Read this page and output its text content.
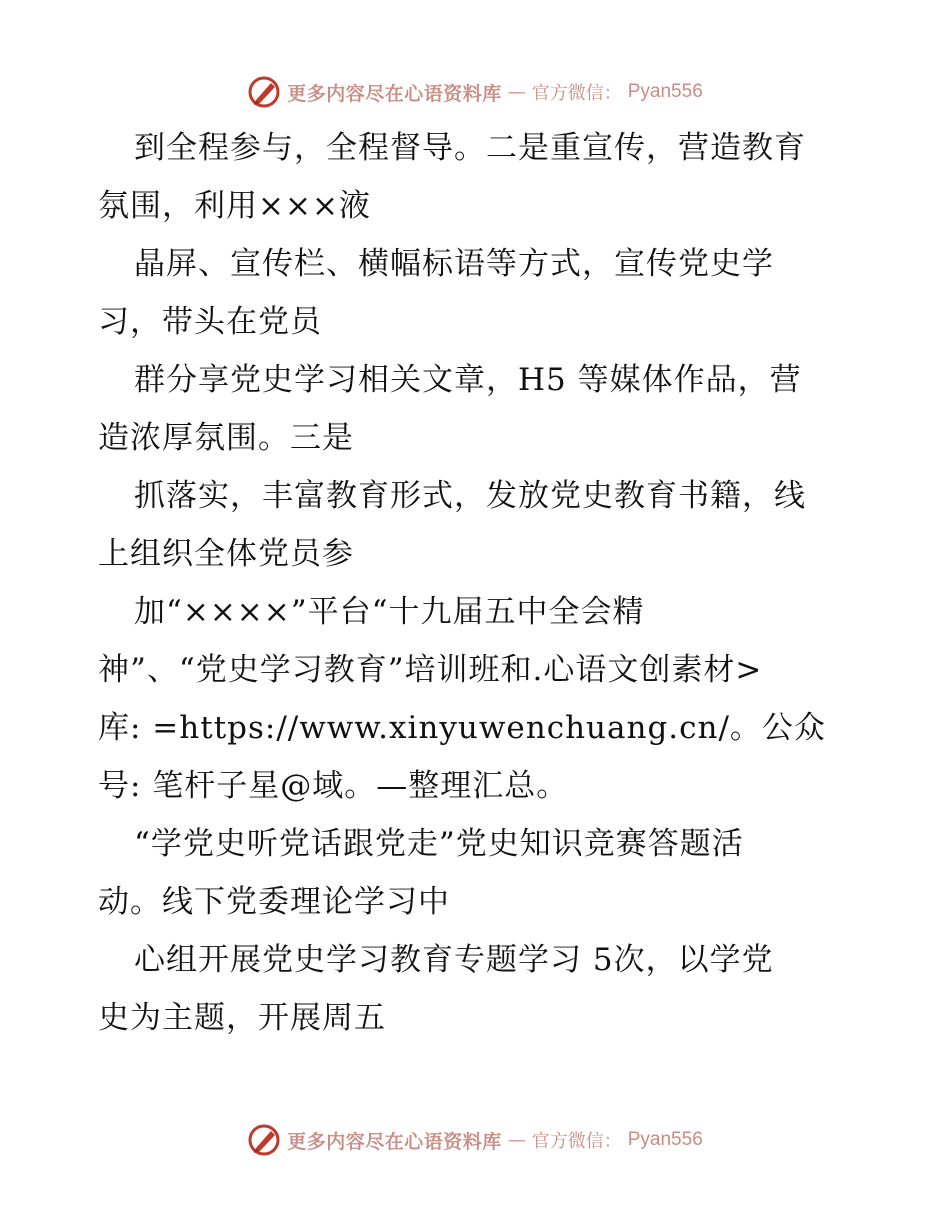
更多内容尽在心语资料库 — 官方微信： Pyan556
到全程参与，全程督导。二是重宣传，营造教育
氛围，利用×××液
晶屏、宣传栏、横幅标语等方式，宣传党史学
习，带头在党员
群分享党史学习相关文章，H5 等媒体作品，营
造浓厚氛围。三是
抓落实，丰富教育形式，发放党史教育书籍，线
上组织全体党员参
加“××××”平台“十九届五中全会精
神”、“党史学习教育”培训班和.心语文创素材>
库: =https://www.xinyuwenchuang.cn/。公众
号: 笔杆子星@域。—整理汇总。
“学党史听党话跟党走”党史知识竞赛答题活
动。线下党委理论学习中
心组开展党史学习教育专题学习 5次，以学党
史为主题，开展周五
更多内容尽在心语资料库 — 官方微信： Pyan556
